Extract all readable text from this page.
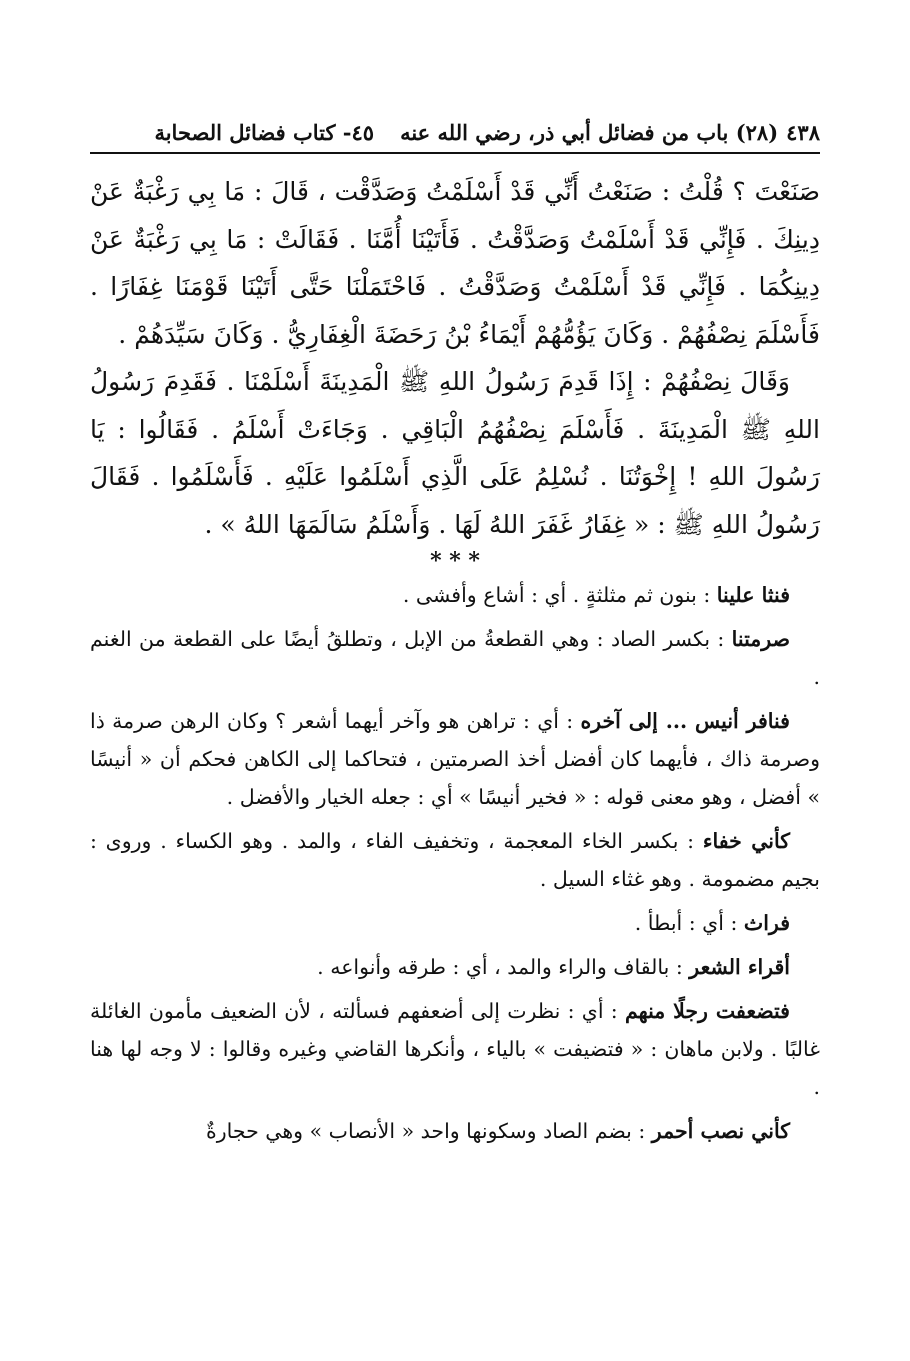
٤٣٨
(٢٨) باب من فضائل أبي ذر، رضي الله عنه
٤٥- كتاب فضائل الصحابة

صَنَعْتَ ؟ قُلْتُ : صَنَعْتُ أَنِّي قَدْ أَسْلَمْتُ وَصَدَّقْت ، قَالَ : مَا بِي رَغْبَةٌ عَنْ دِينِكَ . فَإِنِّي قَدْ أَسْلَمْتُ وَصَدَّقْتُ . فَأَتَيْنَا أُمَّنَا . فَقَالَتْ : مَا بِي رَغْبَةٌ عَنْ دِينِكُمَا . فَإِنِّي قَدْ أَسْلَمْتُ وَصَدَّقْتُ . فَاحْتَمَلْنَا حَتَّى أَتَيْنَا قَوْمَنَا غِفَارًا . فَأَسْلَمَ نِصْفُهُمْ . وَكَانَ يَؤُمُّهُمْ أَيْمَاءُ بْنُ رَحَضَةَ الْغِفَارِيُّ . وَكَانَ سَيِّدَهُمْ .

وَقَالَ نِصْفُهُمْ : إِذَا قَدِمَ رَسُولُ اللهِ ﷺ الْمَدِينَةَ أَسْلَمْنَا . فَقَدِمَ رَسُولُ اللهِ ﷺ الْمَدِينَةَ . فَأَسْلَمَ نِصْفُهُمُ الْبَاقِي . وَجَاءَتْ أَسْلَمُ . فَقَالُوا : يَا رَسُولَ اللهِ ! إِخْوَتُنَا . نُسْلِمُ عَلَى الَّذِي أَسْلَمُوا عَلَيْهِ . فَأَسْلَمُوا . فَقَالَ رَسُولُ اللهِ ﷺ : « غِفَارُ غَفَرَ اللهُ لَهَا . وَأَسْلَمُ سَالَمَهَا اللهُ » .

* * *

فنثا علينا : بنون ثم مثلثةٍ . أي : أشاع وأفشى .

صرمتنا : بكسر الصاد : وهي القطعةُ من الإبل ، وتطلقُ أيضًا على القطعة من الغنم .

فنافر أنيس ... إلى آخره : أي : تراهن هو وآخر أيهما أشعر ؟ وكان الرهن صرمة ذا وصرمة ذاك ، فأيهما كان أفضل أخذ الصرمتين ، فتحاكما إلى الكاهن فحكم أن « أنيسًا » أفضل ، وهو معنى قوله : « فخير أنيسًا » أي : جعله الخيار والأفضل .

كأني خفاء : بكسر الخاء المعجمة ، وتخفيف الفاء ، والمد . وهو الكساء . وروى : بجيم مضمومة . وهو غثاء السيل .

فراث : أي : أبطأ .

أقراء الشعر : بالقاف والراء والمد ، أي : طرقه وأنواعه .

فتضعفت رجلًا منهم : أي : نظرت إلى أضعفهم فسألته ، لأن الضعيف مأمون الغائلة غالبًا . ولابن ماهان : « فتضيفت » بالياء ، وأنكرها القاضي وغيره وقالوا : لا وجه لها هنا .

كأني نصب أحمر : بضم الصاد وسكونها واحد « الأنصاب » وهي حجارةٌ
